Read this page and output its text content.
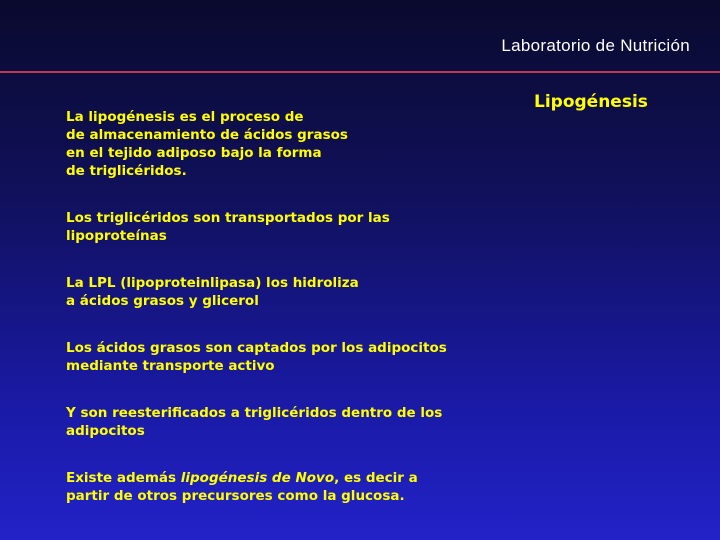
Laboratorio de Nutrición
Lipogénesis

La lipogénesis es el proceso de
de almacenamiento de ácidos grasos
en el tejido adiposo bajo la forma
de triglicéridos.

Los triglicéridos son transportados por las
lipoproteínas

La LPL (lipoproteinlipasa) los hidroliza
a ácidos grasos y glicerol

Los ácidos grasos son captados por los adipocitos
mediante transporte activo

Y son reesterificados a triglicéridos dentro de los
adipocitos

Existe además lipogénesis de Novo, es decir a
partir de otros precursores como la glucosa.
